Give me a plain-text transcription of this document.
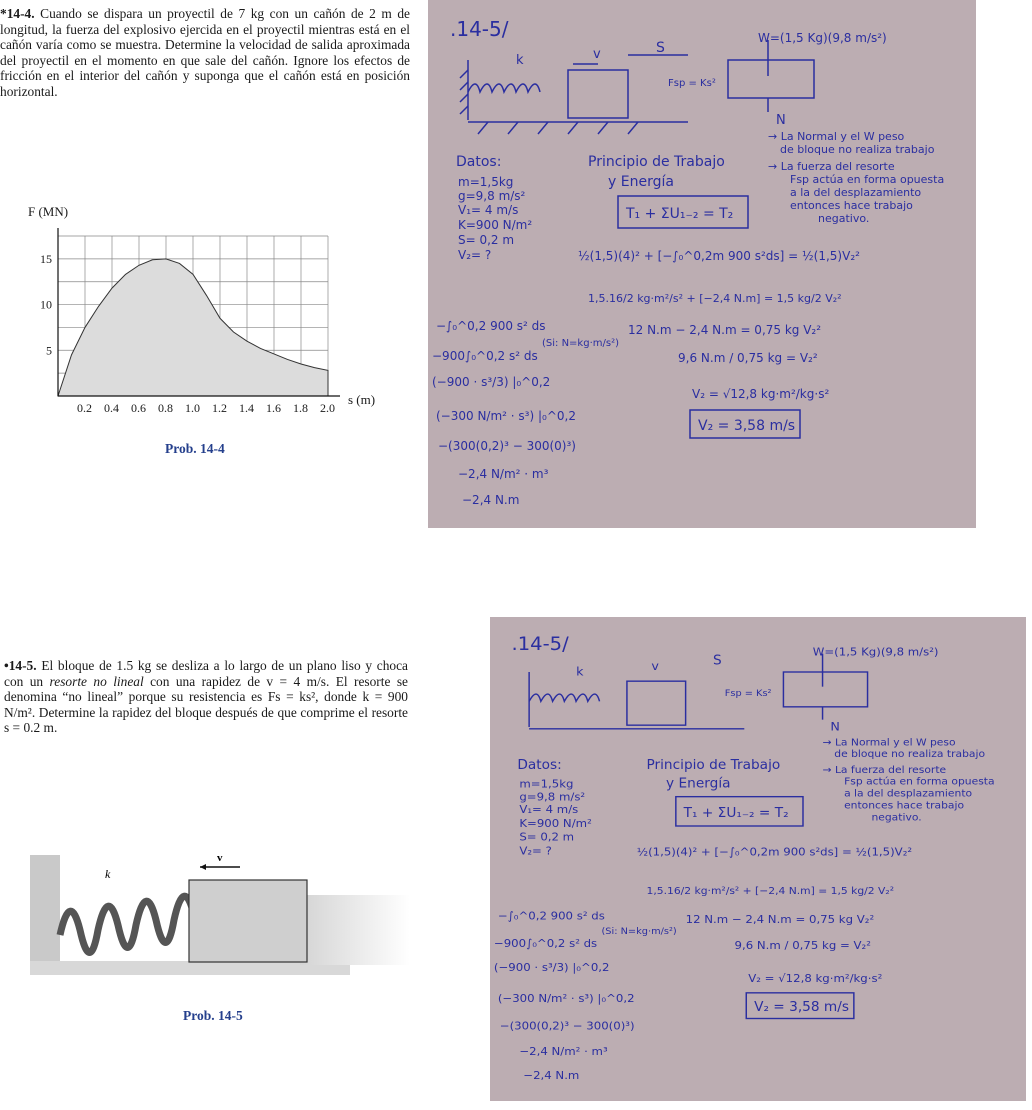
*14-4. Cuando se dispara un proyectil de 7 kg con un cañón de 2 m de longitud, la fuerza del explosivo ejercida en el proyectil mientras está en el cañón varía como se muestra. Determine la velocidad de salida aproximada del proyectil en el momento en que sale del cañón. Ignore los efectos de fricción en el interior del cañón y suponga que el cañón está en posición horizontal.
0.2 0.4 0.6 0.8 1.0 1.2 1.4 1.6 1.8 2.0
5
10
15
F (MN)
s (m)
Prob. 14-4
.14-5/	W=(1,5 Kg)(9,8 m/s²)
k	v	S
Fsp = Ks²
N
→ La Normal y el W peso
de bloque no realiza trabajo
→ La fuerza del resorte
Fsp actúa en forma opuesta
a la del desplazamiento
entonces hace trabajo
negativo.
Datos:
m=1,5kg
g=9,8 m/s²
V₁= 4 m/s
K=900 N/m²
S= 0,2 m
V₂= ?
Principio de Trabajo
y Energía
T₁ + ΣU₁₋₂ = T₂
½(1,5)(4)² + [−∫₀^0,2m 900 s²ds] = ½(1,5)V₂²
1,5.16/2 kg·m²/s² + [−2,4 N.m] = 1,5 kg/2 V₂²
12 N.m − 2,4 N.m = 0,75 kg V₂²
(Si: N=kg·m/s²)
9,6 N.m / 0,75 kg = V₂²
V₂ = √12,8 kg·m²/kg·s²
V₂ = 3,58 m/s
−∫₀^0,2 900 s² ds
−900∫₀^0,2 s² ds
(−900 · s³/3) |₀^0,2
(−300 N/m² · s³) |₀^0,2
−(300(0,2)³ − 300(0)³)
−2,4 N/m² · m³
−2,4 N.m
•14-5. El bloque de 1.5 kg se desliza a lo largo de un plano liso y choca con un resorte no lineal con una rapidez de v = 4 m/s. El resorte se denomina “no lineal” porque su resistencia es Fs = ks², donde k = 900 N/m². Determine la rapidez del bloque después de que comprime el resorte s = 0.2 m.
k
v
Prob. 14-5
.14-5/	W=(1,5 Kg)(9,8 m/s²)
k	v	S
Fsp = Ks²
N
→ La Normal y el W peso
de bloque no realiza trabajo
→ La fuerza del resorte
Fsp actúa en forma opuesta
a la del desplazamiento
entonces hace trabajo
negativo.
Datos:
m=1,5kg
g=9,8 m/s²
V₁= 4 m/s
K=900 N/m²
S= 0,2 m
V₂= ?
Principio de Trabajo
y Energía
T₁ + ΣU₁₋₂ = T₂
½(1,5)(4)² + [−∫₀^0,2m 900 s²ds] = ½(1,5)V₂²
1,5.16/2 kg·m²/s² + [−2,4 N.m] = 1,5 kg/2 V₂²
12 N.m − 2,4 N.m = 0,75 kg V₂²
(Si: N=kg·m/s²)
9,6 N.m / 0,75 kg = V₂²
V₂ = √12,8 kg·m²/kg·s²
V₂ = 3,58 m/s
−∫₀^0,2 900 s² ds
−900∫₀^0,2 s² ds
(−900 · s³/3) |₀^0,2
(−300 N/m² · s³) |₀^0,2
−(300(0,2)³ − 300(0)³)
−2,4 N/m² · m³
−2,4 N.m
